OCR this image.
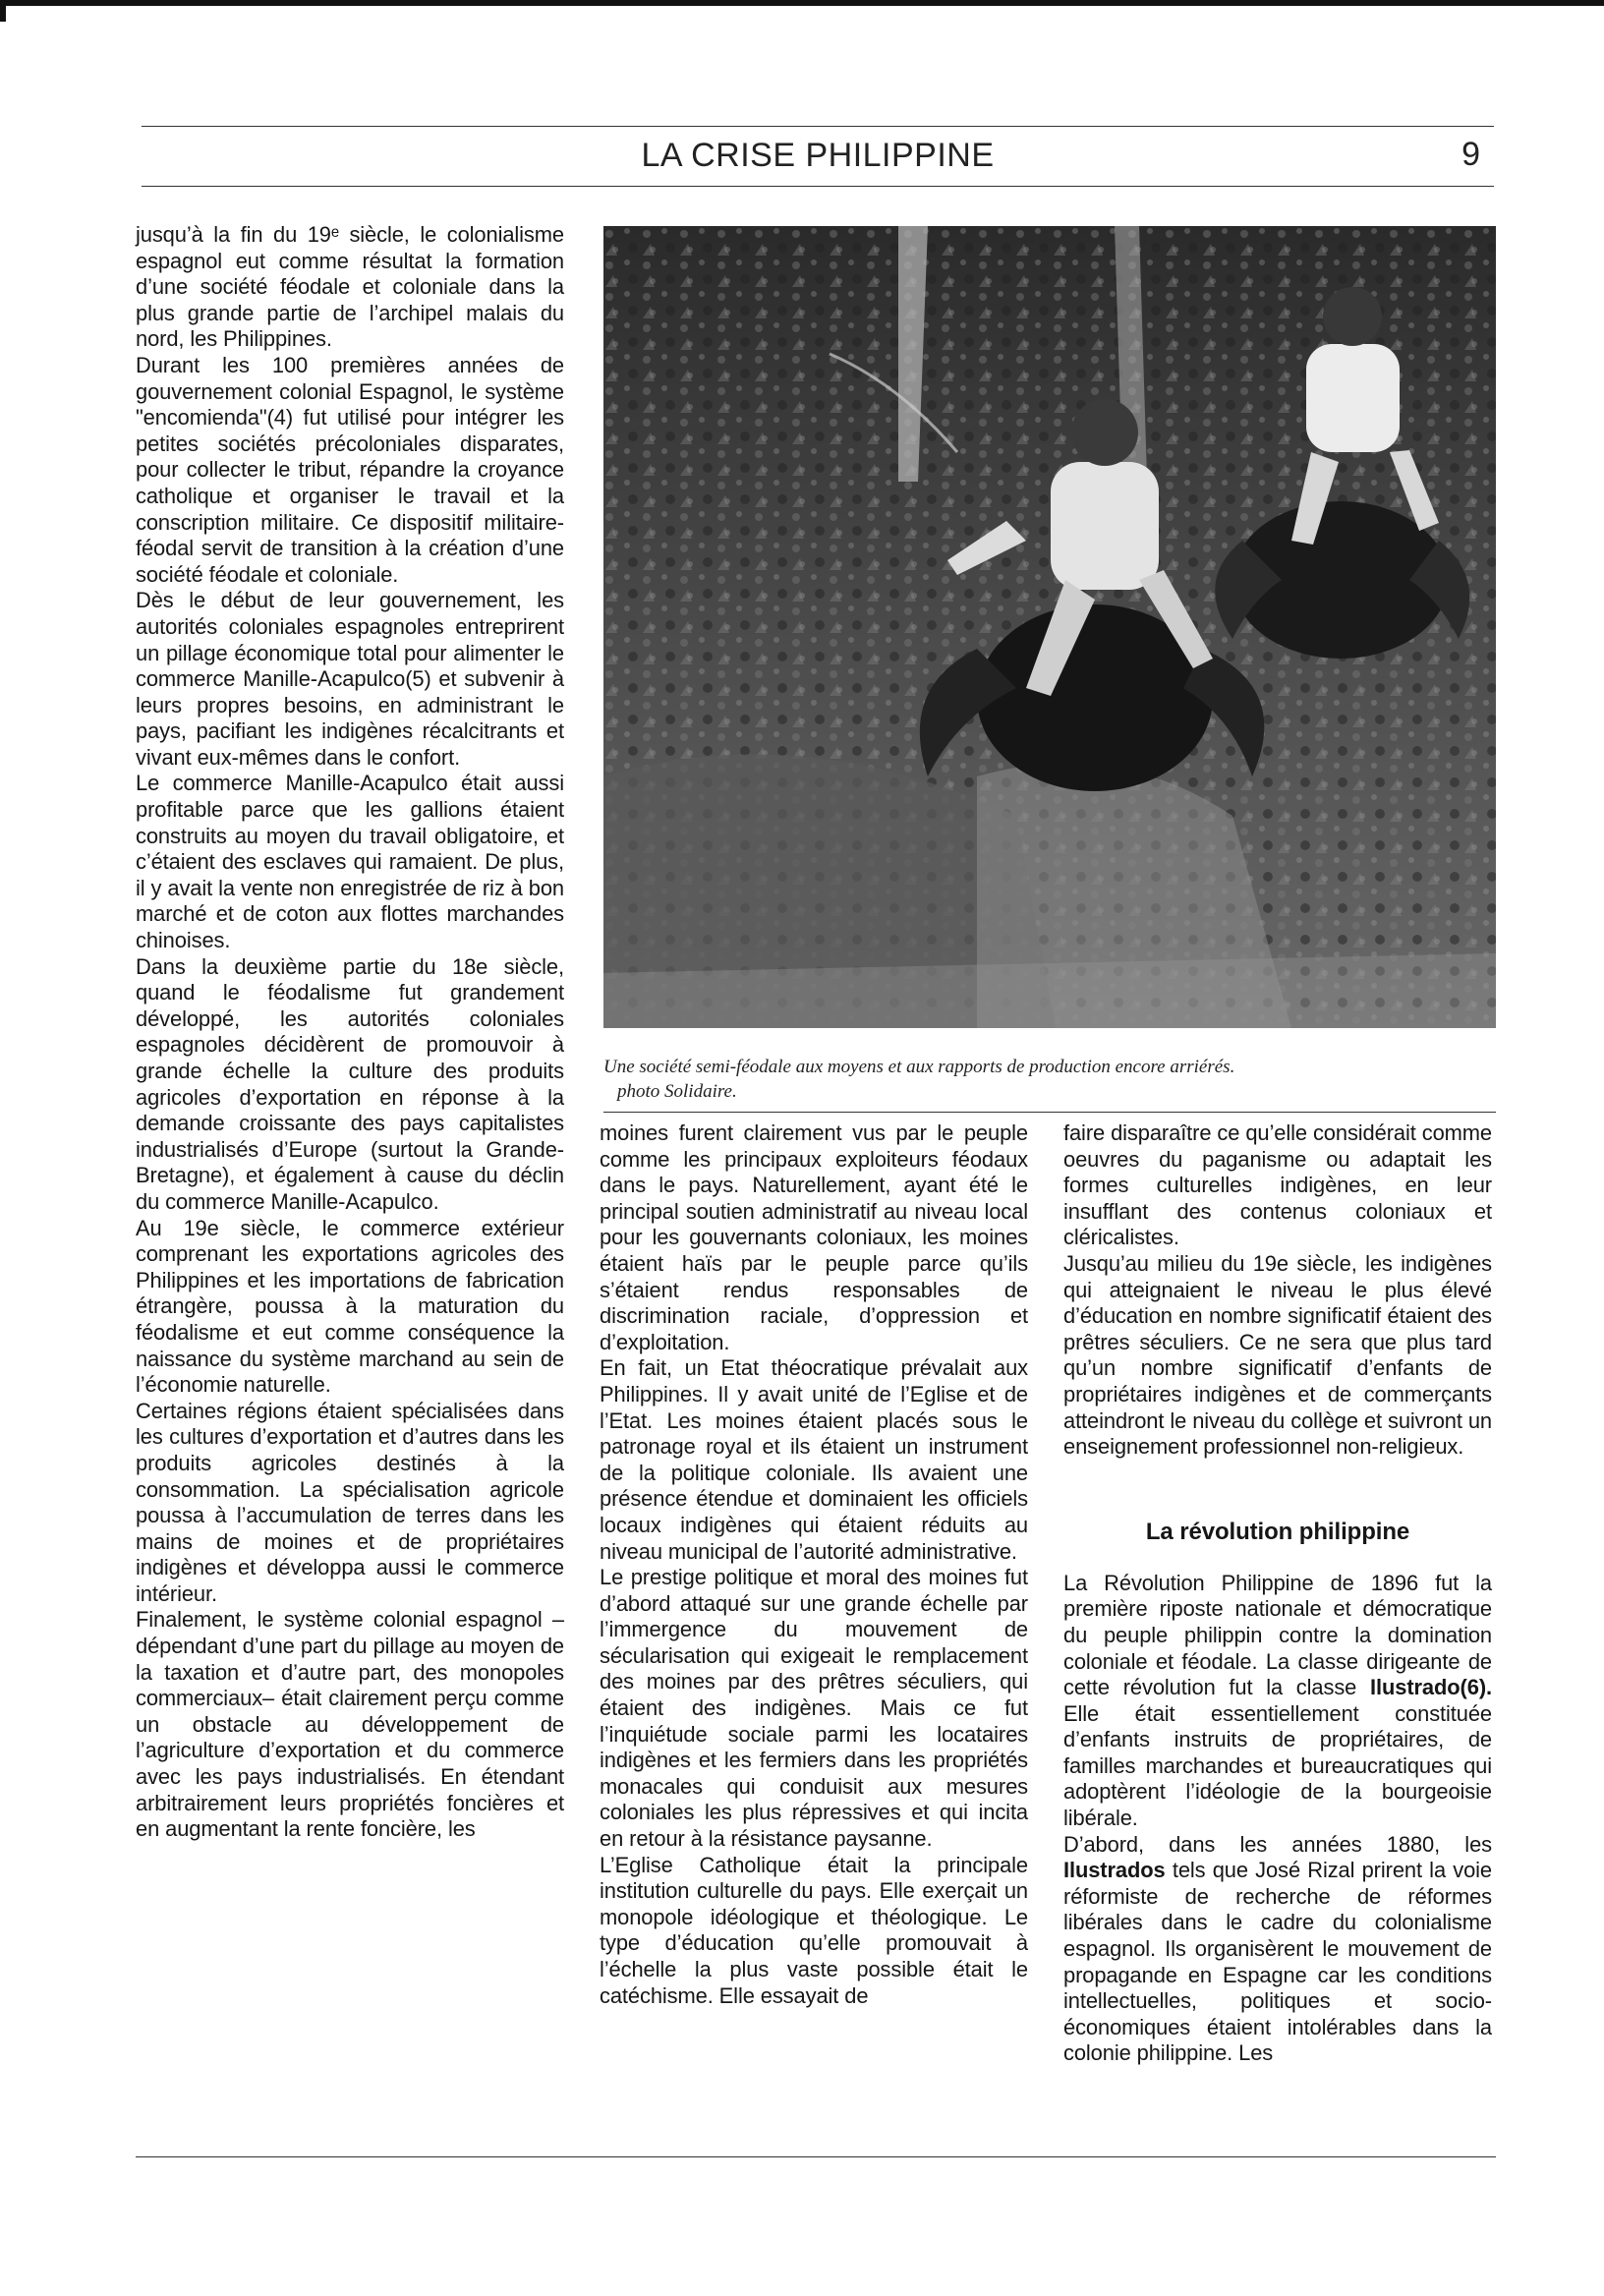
LA CRISE PHILIPPINE	9

jusqu’à la fin du 19ᵉ siècle, le colonialisme espagnol eut comme résultat la formation d’une société féodale et coloniale dans la plus grande partie de l’archipel malais du nord, les Philippines.

Durant les 100 premières années de gouvernement colonial Espagnol, le système "encomienda"(4) fut utilisé pour intégrer les petites sociétés précoloniales disparates, pour collecter le tribut, répandre la croyance catholique et organiser le travail et la conscription militaire. Ce dispositif militaire-féodal servit de transition à la création d’une société féodale et coloniale.

Dès le début de leur gouvernement, les autorités coloniales espagnoles entreprirent un pillage économique total pour alimenter le commerce Manille-Acapulco(5) et subvenir à leurs propres besoins, en administrant le pays, pacifiant les indigènes récalcitrants et vivant eux-mêmes dans le confort.

Le commerce Manille-Acapulco était aussi profitable parce que les gallions étaient construits au moyen du travail obligatoire, et c’étaient des esclaves qui ramaient. De plus, il y avait la vente non enregistrée de riz à bon marché et de coton aux flottes marchandes chinoises.

Dans la deuxième partie du 18e siècle, quand le féodalisme fut grandement développé, les autorités coloniales espagnoles décidèrent de promouvoir à grande échelle la culture des produits agricoles d’exportation en réponse à la demande croissante des pays capitalistes industrialisés d’Europe (surtout la Grande-Bretagne), et également à cause du déclin du commerce Manille-Acapulco.

Au 19e siècle, le commerce extérieur comprenant les exportations agricoles des Philippines et les importations de fabrication étrangère, poussa à la maturation du féodalisme et eut comme conséquence la naissance du système marchand au sein de l’économie naturelle.

Certaines régions étaient spécialisées dans les cultures d’exportation et d’autres dans les produits agricoles destinés à la consommation. La spécialisation agricole poussa à l’accumulation de terres dans les mains de moines et de propriétaires indigènes et développa aussi le commerce intérieur.

Finalement, le système colonial espagnol –dépendant d’une part du pillage au moyen de la taxation et d’autre part, des monopoles commerciaux– était clairement perçu comme un obstacle au développement de l’agriculture d’exportation et du commerce avec les pays industrialisés. En étendant arbitrairement leurs propriétés foncières et en augmentant la rente foncière, les

Une société semi-féodale aux moyens et aux rapports de production encore arriérés.
photo Solidaire.

moines furent clairement vus par le peuple comme les principaux exploiteurs féodaux dans le pays. Naturellement, ayant été le principal soutien administratif au niveau local pour les gouvernants coloniaux, les moines étaient haïs par le peuple parce qu’ils s’étaient rendus responsables de discrimination raciale, d’oppression et d’exploitation.

En fait, un Etat théocratique prévalait aux Philippines. Il y avait unité de l’Eglise et de l’Etat. Les moines étaient placés sous le patronage royal et ils étaient un instrument de la politique coloniale. Ils avaient une présence étendue et dominaient les officiels locaux indigènes qui étaient réduits au niveau municipal de l’autorité administrative.

Le prestige politique et moral des moines fut d’abord attaqué sur une grande échelle par l’immergence du mouvement de sécularisation qui exigeait le remplacement des moines par des prêtres séculiers, qui étaient des indigènes. Mais ce fut l’inquiétude sociale parmi les locataires indigènes et les fermiers dans les propriétés monacales qui conduisit aux mesures coloniales les plus répressives et qui incita en retour à la résistance paysanne.

L’Eglise Catholique était la principale institution culturelle du pays. Elle exerçait un monopole idéologique et théologique. Le type d’éducation qu’elle promouvait à l’échelle la plus vaste possible était le catéchisme. Elle essayait de

faire disparaître ce qu’elle considérait comme oeuvres du paganisme ou adaptait les formes culturelles indigènes, en leur insufflant des contenus coloniaux et cléricalistes.

Jusqu’au milieu du 19e siècle, les indigènes qui atteignaient le niveau le plus élevé d’éducation en nombre significatif étaient des prêtres séculiers. Ce ne sera que plus tard qu’un nombre significatif d’enfants de propriétaires indigènes et de commerçants atteindront le niveau du collège et suivront un enseignement professionnel non-religieux.

La révolution philippine

La Révolution Philippine de 1896 fut la première riposte nationale et démocratique du peuple philippin contre la domination coloniale et féodale. La classe dirigeante de cette révolution fut la classe Ilustrado(6). Elle était essentiellement constituée d’enfants instruits de propriétaires, de familles marchandes et bureaucratiques qui adoptèrent l’idéologie de la bourgeoisie libérale.

D’abord, dans les années 1880, les Ilustrados tels que José Rizal prirent la voie réformiste de recherche de réformes libérales dans le cadre du colonialisme espagnol. Ils organisèrent le mouvement de propagande en Espagne car les conditions intellectuelles, politiques et socio-économiques étaient intolérables dans la colonie philippine. Les
